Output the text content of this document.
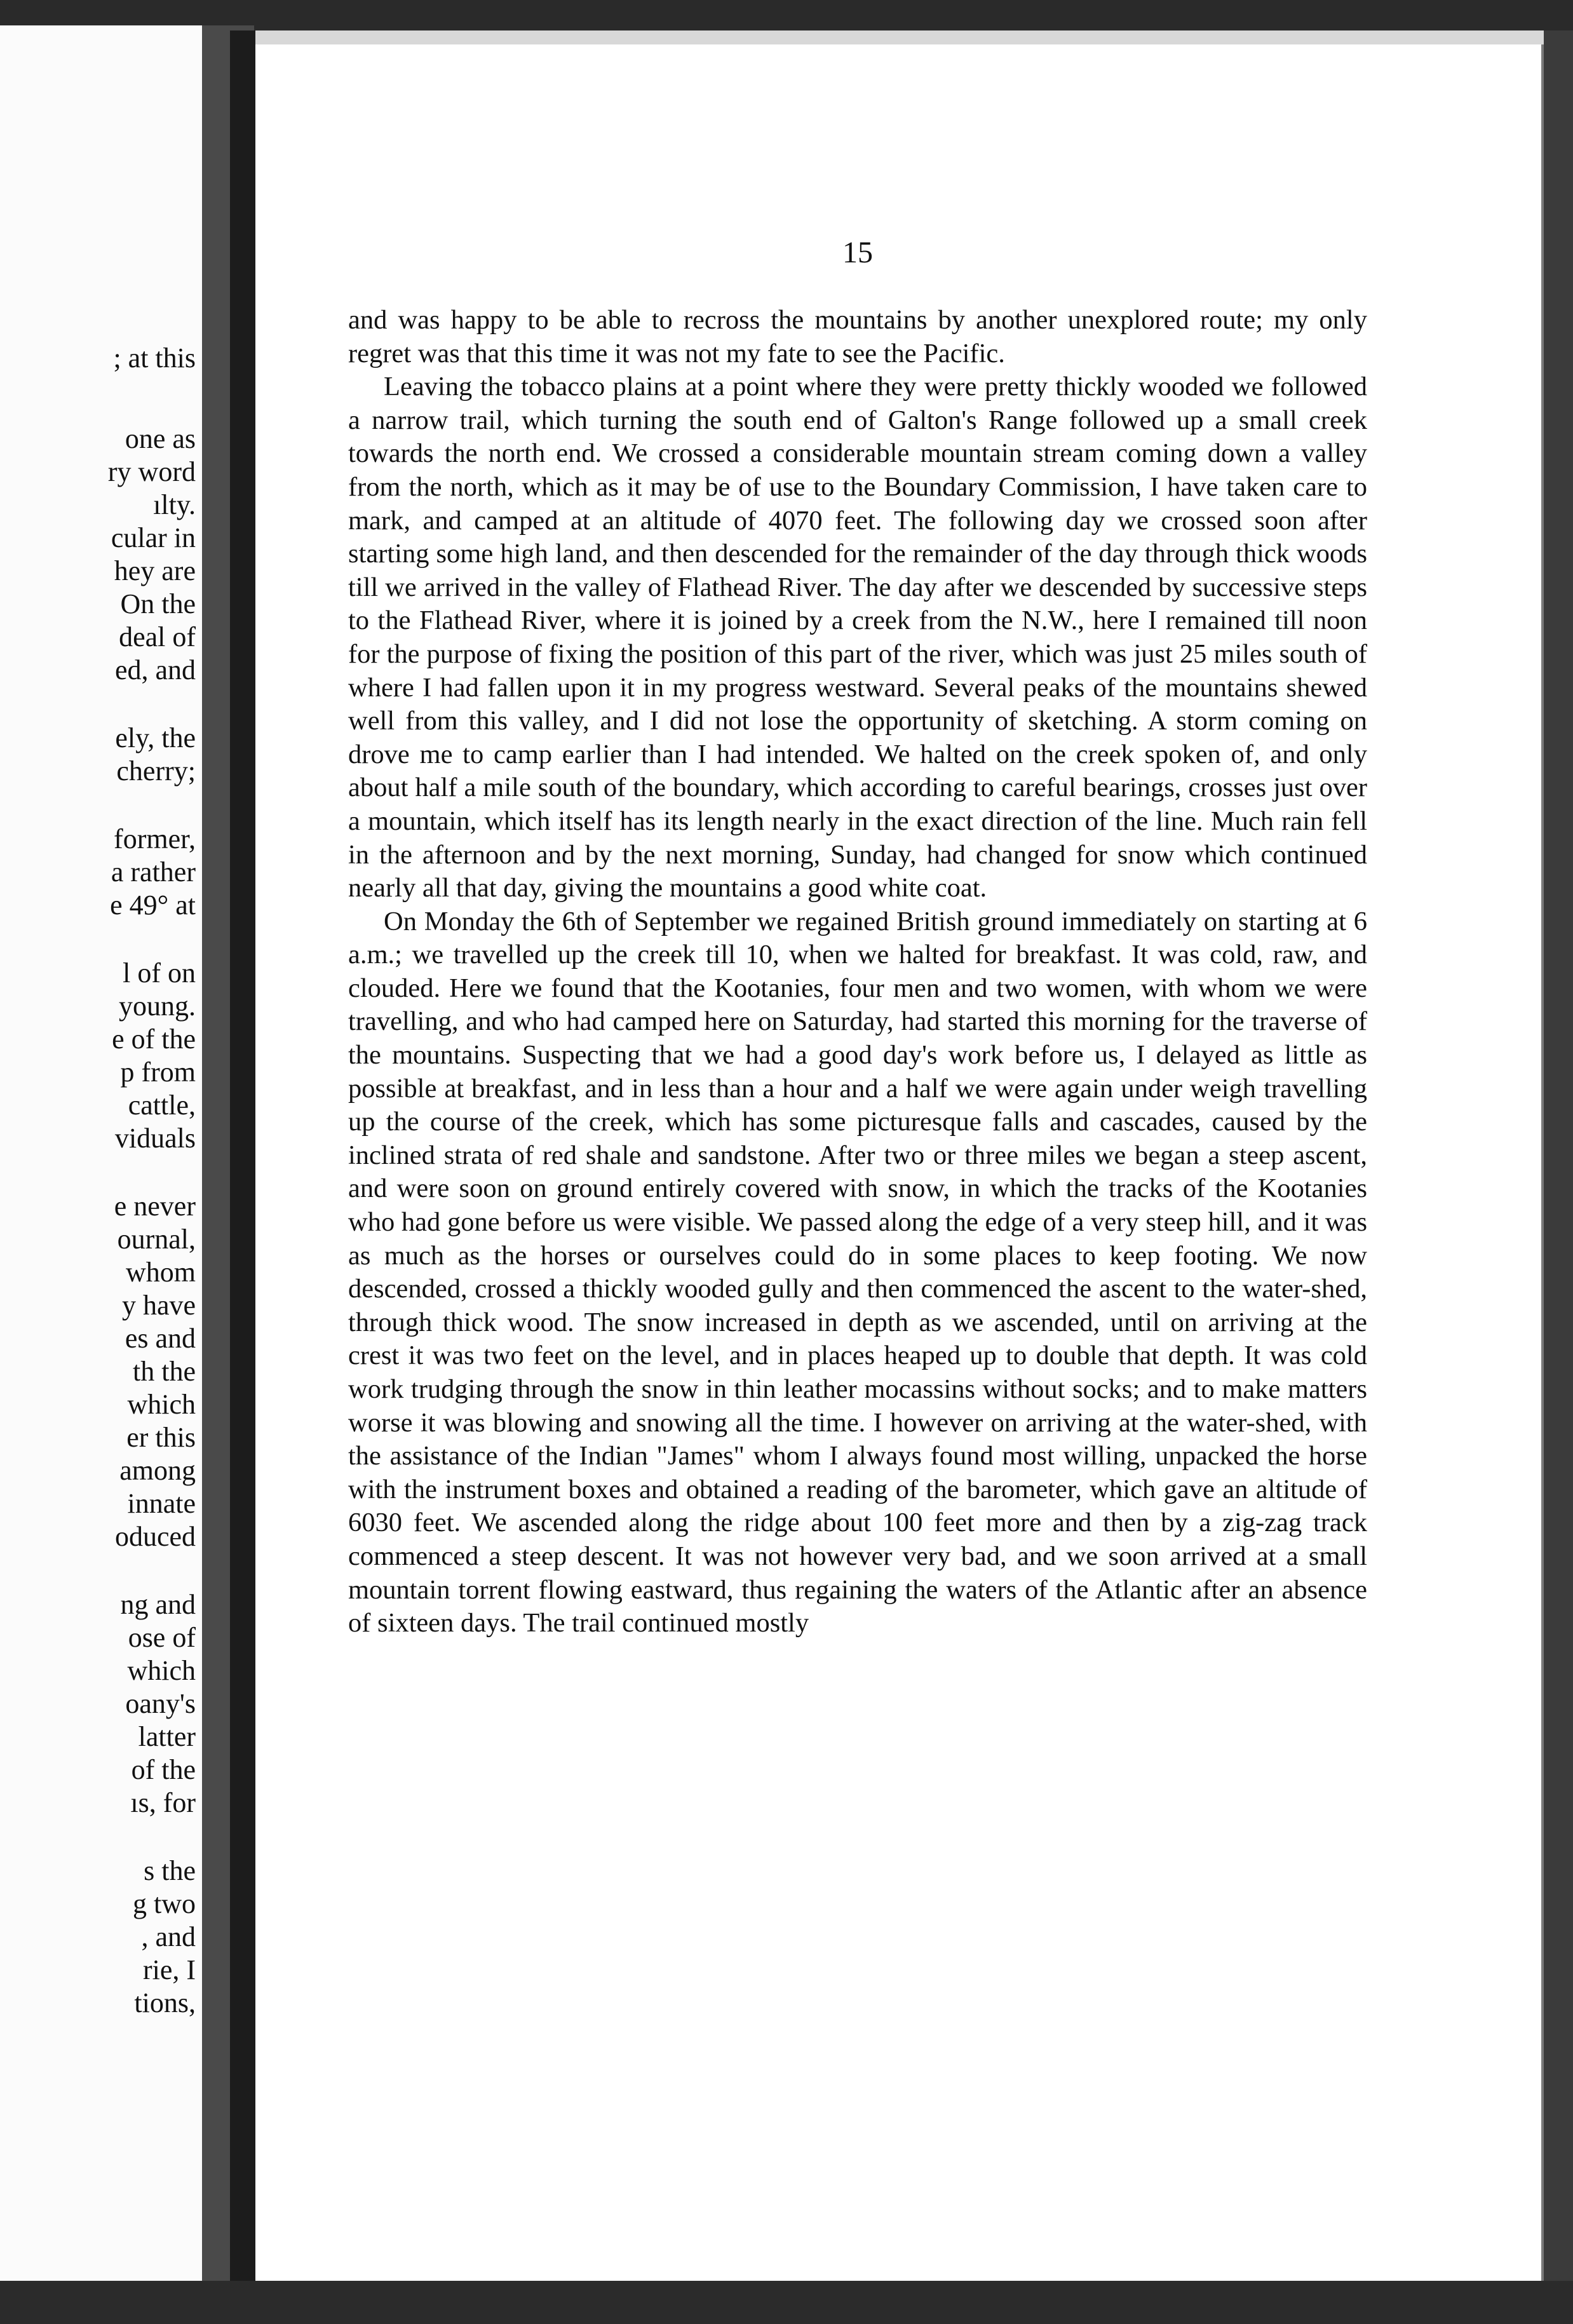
; at this
one as
ry word
ılty.
cular in
hey are
On the
deal of
ed, and
ely, the
cherry;
former,
a rather
e 49° at
l of on
young.
e of the
p from
cattle,
viduals
e never
ournal,
whom
y have
es and
th the
which
er this
among
innate
oduced
ng and
ose of
which
oany's
latter
of the
ıs, for
s the
g two
, and
rie, I
tions,
15

and was happy to be able to recross the mountains by another unexplored route; my only regret was that this time it was not my fate to see the Pacific.

Leaving the tobacco plains at a point where they were pretty thickly wooded we followed a narrow trail, which turning the south end of Galton's Range followed up a small creek towards the north end. We crossed a considerable mountain stream coming down a valley from the north, which as it may be of use to the Boundary Commission, I have taken care to mark, and camped at an altitude of 4070 feet. The following day we crossed soon after starting some high land, and then descended for the remainder of the day through thick woods till we arrived in the valley of Flathead River. The day after we descended by successive steps to the Flathead River, where it is joined by a creek from the N.W., here I remained till noon for the purpose of fixing the position of this part of the river, which was just 25 miles south of where I had fallen upon it in my progress westward. Several peaks of the mountains shewed well from this valley, and I did not lose the opportunity of sketching. A storm coming on drove me to camp earlier than I had intended. We halted on the creek spoken of, and only about half a mile south of the boundary, which according to careful bearings, crosses just over a mountain, which itself has its length nearly in the exact direction of the line. Much rain fell in the afternoon and by the next morning, Sunday, had changed for snow which continued nearly all that day, giving the mountains a good white coat.

On Monday the 6th of September we regained British ground immediately on starting at 6 a.m.; we travelled up the creek till 10, when we halted for breakfast. It was cold, raw, and clouded. Here we found that the Kootanies, four men and two women, with whom we were travelling, and who had camped here on Saturday, had started this morning for the traverse of the mountains. Suspecting that we had a good day's work before us, I delayed as little as possible at breakfast, and in less than a hour and a half we were again under weigh travelling up the course of the creek, which has some picturesque falls and cascades, caused by the inclined strata of red shale and sandstone. After two or three miles we began a steep ascent, and were soon on ground entirely covered with snow, in which the tracks of the Kootanies who had gone before us were visible. We passed along the edge of a very steep hill, and it was as much as the horses or ourselves could do in some places to keep footing. We now descended, crossed a thickly wooded gully and then commenced the ascent to the water-shed, through thick wood. The snow increased in depth as we ascended, until on arriving at the crest it was two feet on the level, and in places heaped up to double that depth. It was cold work trudging through the snow in thin leather mocassins without socks; and to make matters worse it was blowing and snowing all the time. I however on arriving at the water-shed, with the assistance of the Indian "James" whom I always found most willing, unpacked the horse with the instrument boxes and obtained a reading of the barometer, which gave an altitude of 6030 feet. We ascended along the ridge about 100 feet more and then by a zig-zag track commenced a steep descent. It was not however very bad, and we soon arrived at a small mountain torrent flowing eastward, thus regaining the waters of the Atlantic after an absence of sixteen days. The trail continued mostly
